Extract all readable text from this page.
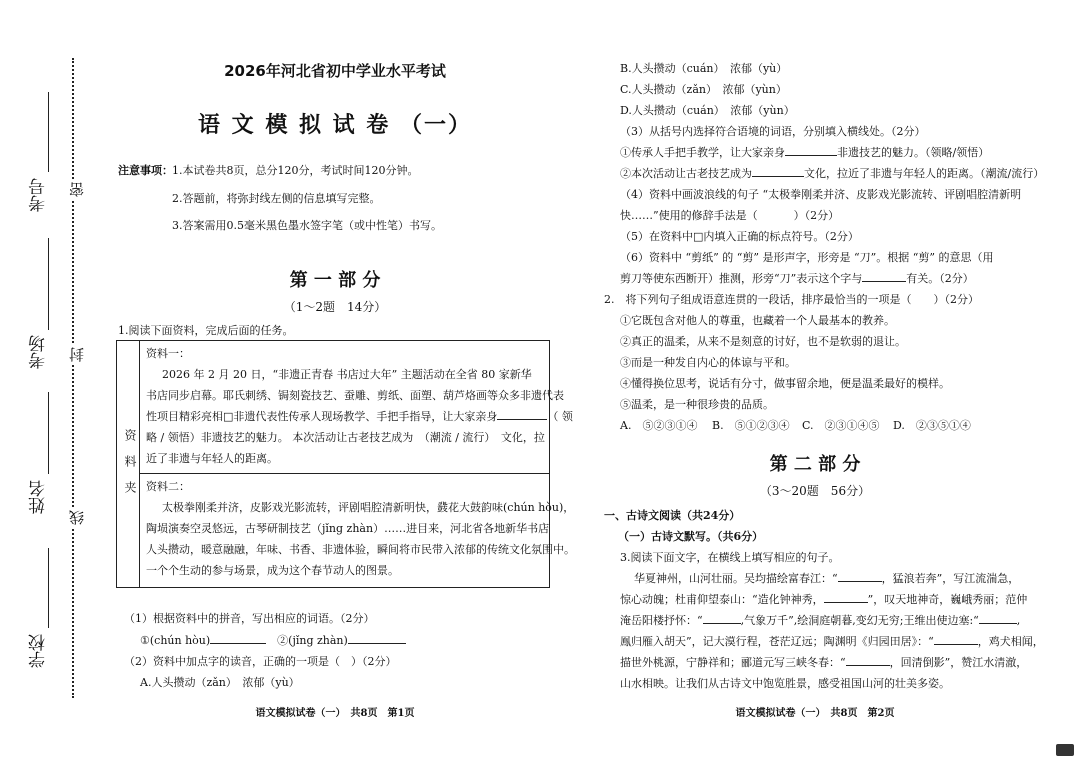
考号
考场
姓名
学校
密
封
线
2026年河北省初中学业水平考试
语 文 模 拟 试 卷 （一）
注意事项： 1.本试卷共8页，总分120分，考试时间120分钟。
2.答题前，将弥封线左侧的信息填写完整。
3.答案需用0.5毫米黑色墨水签字笔（或中性笔）书写。
第 一 部 分
（1～2题　14分）
1.阅读下面资料，完成后面的任务。
资料夹
资料一：
2026 年 2 月 20 日，“非遗正青春 书店过大年” 主题活动在全省 80 家新华
书店同步启幕。耶氏刺绣、锔刻瓷技艺、蚕雕、剪纸、面塑、葫芦烙画等众多非遗代表
性项目精彩亮相□非遗代表性传承人现场教学、手把手指导，让大家亲身	（ 领
略 / 领悟）非遗技艺的魅力。 本次活动让古老技艺成为　（潮流 / 流行）　文化，拉
近了非遗与年轻人的距离。
资料二：
太极拳刚柔并济，皮影戏光影流转，评剧唱腔清新明快，鼗花大鼓韵味(chún hòu)，
陶埙演奏空灵悠远，古琴研制技艺（jǐng zhàn）……进目来，河北省各地新华书店
人头攒动，暖意融融，年味、书香、非遗体验，瞬间将市民带入浓郁的传统文化氛围中。
一个个生动的参与场景，成为这个春节动人的图景。
（1）根据资料中的拼音，写出相应的词语。（2分）
①(chún hòu)　	②(jǐng zhàn)
（2）资料中加点字的读音，正确的一项是（　）（2分）
A.人头攒动（zǎn）　浓郁（yù）
语文模拟试卷（一）　共8页　第1页
B.人头攒动（cuán）　浓郁（yù）
C.人头攒动（zǎn）　浓郁（yùn）
D.人头攒动（cuán）　浓郁（yùn）
（3）从括号内选择符合语境的词语，分别填入横线处。（2分）
①传承人手把手教学，让大家亲身	非遗技艺的魅力。（领略/领悟）
②本次活动让古老技艺成为	文化，拉近了非遗与年轻人的距离。（潮流/流行）
（4）资料中画波浪线的句子 “太极拳刚柔并济、皮影戏光影流转、评剧唱腔清新明
快……”使用的修辞手法是（	）（2分）
（5）在资料中□内填入正确的标点符号。（2分）
（6）资料中 “剪纸” 的 “剪” 是形声字，形旁是 “刀”。根据 “剪” 的意思（用
剪刀等使东西断开）推测，形旁“刀”表示这个字与	有关。（2分）
2.　将下列句子组成语意连贯的一段话，排序最恰当的一项是（　　）（2分）
①它既包含对他人的尊重，也藏着一个人最基本的教养。
②真正的温柔，从来不是刻意的讨好，也不是软弱的退让。
③而是一种发自内心的体谅与平和。
④懂得换位思考，说话有分寸，做事留余地，便是温柔最好的模样。
⑤温柔，是一种很珍贵的品质。
A.　⑤②③①④ B.　⑤①②③④ C.　②③①④⑤ D.　②③⑤①④
第 二 部 分
（3～20题　56分）
一、古诗文阅读（共24分）
（一）古诗文默写。（共6分）
3.阅读下面文字，在横线上填写相应的句子。
华夏神州，山河壮丽。吴均描绘富春江：“	，猛浪若奔”，写江流湍急，
惊心动魄；杜甫仰望泰山：“造化钟神秀，	”，叹天地神奇，巍峨秀丽；范仲
淹岳阳楼抒怀：“	,气象万千”,绘洞庭朝暮,变幻无穷;王维出使边塞:“	,
鳯归雁入胡天”，记大漠行程，苍茫辽远；陶渊明《归园田居》：“	，鸡犬相闻，
描世外桃源，宁静祥和；郦道元写三峡冬春：“	，回清倒影”，赞江水清澈，
山水相映。让我们从古诗文中饱览胜景，感受祖国山河的壮美多姿。
语文模拟试卷（一）　共8页　第2页
